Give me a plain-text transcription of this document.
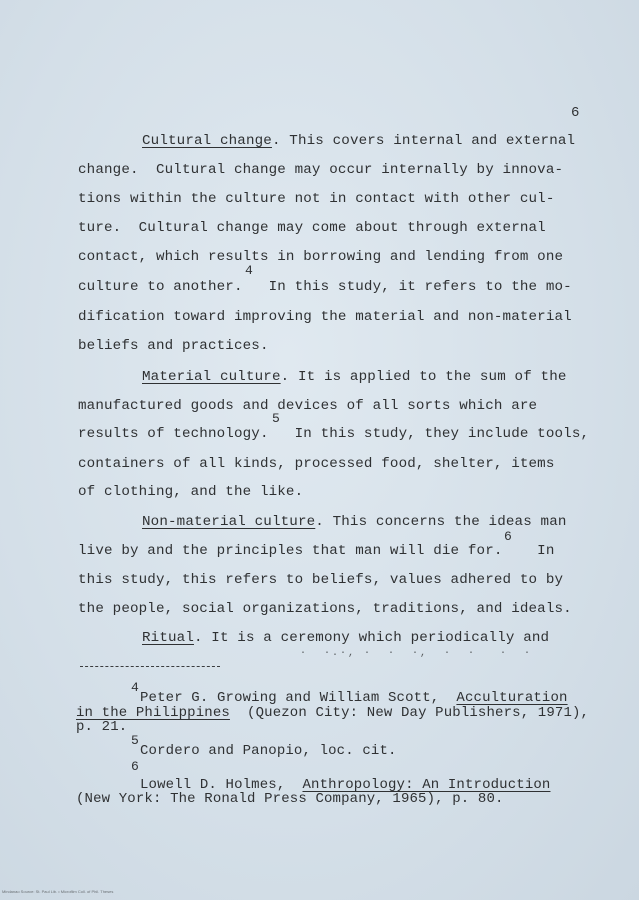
6
Cultural change. This covers internal and external
change.  Cultural change may occur internally by innova-
tions within the culture not in contact with other cul-
ture.  Cultural change may come about through external
contact, which results in borrowing and lending from one
4
culture to another.   In this study, it refers to the mo-
dification toward improving the material and non-material
beliefs and practices.
Material culture. It is applied to the sum of the
manufactured goods and devices of all sorts which are
5
results of technology.   In this study, they include tools,
containers of all kinds, processed food, shelter, items
of clothing, and the like.
Non-material culture. This concerns the ideas man
6
live by and the principles that man will die for.    In
this study, this refers to beliefs, values adhered to by
the people, social organizations, traditions, and ideals.
Ritual. It is a ceremony which periodically and
·  ·.·, ·  ·  ·,  ·  ·   ·  ·
4
Peter G. Growing and William Scott, Acculturation
in the Philippines (Quezon City: New Day Publishers, 1971),
p. 21.
5
Cordero and Panopio, loc. cit.
6
Lowell D. Holmes, Anthropology: An Introduction
(New York: The Ronald Press Company, 1965), p. 80.
Mindanao Source: St. Paul Lib. • Microfilm Coll. of Phil. Theses
